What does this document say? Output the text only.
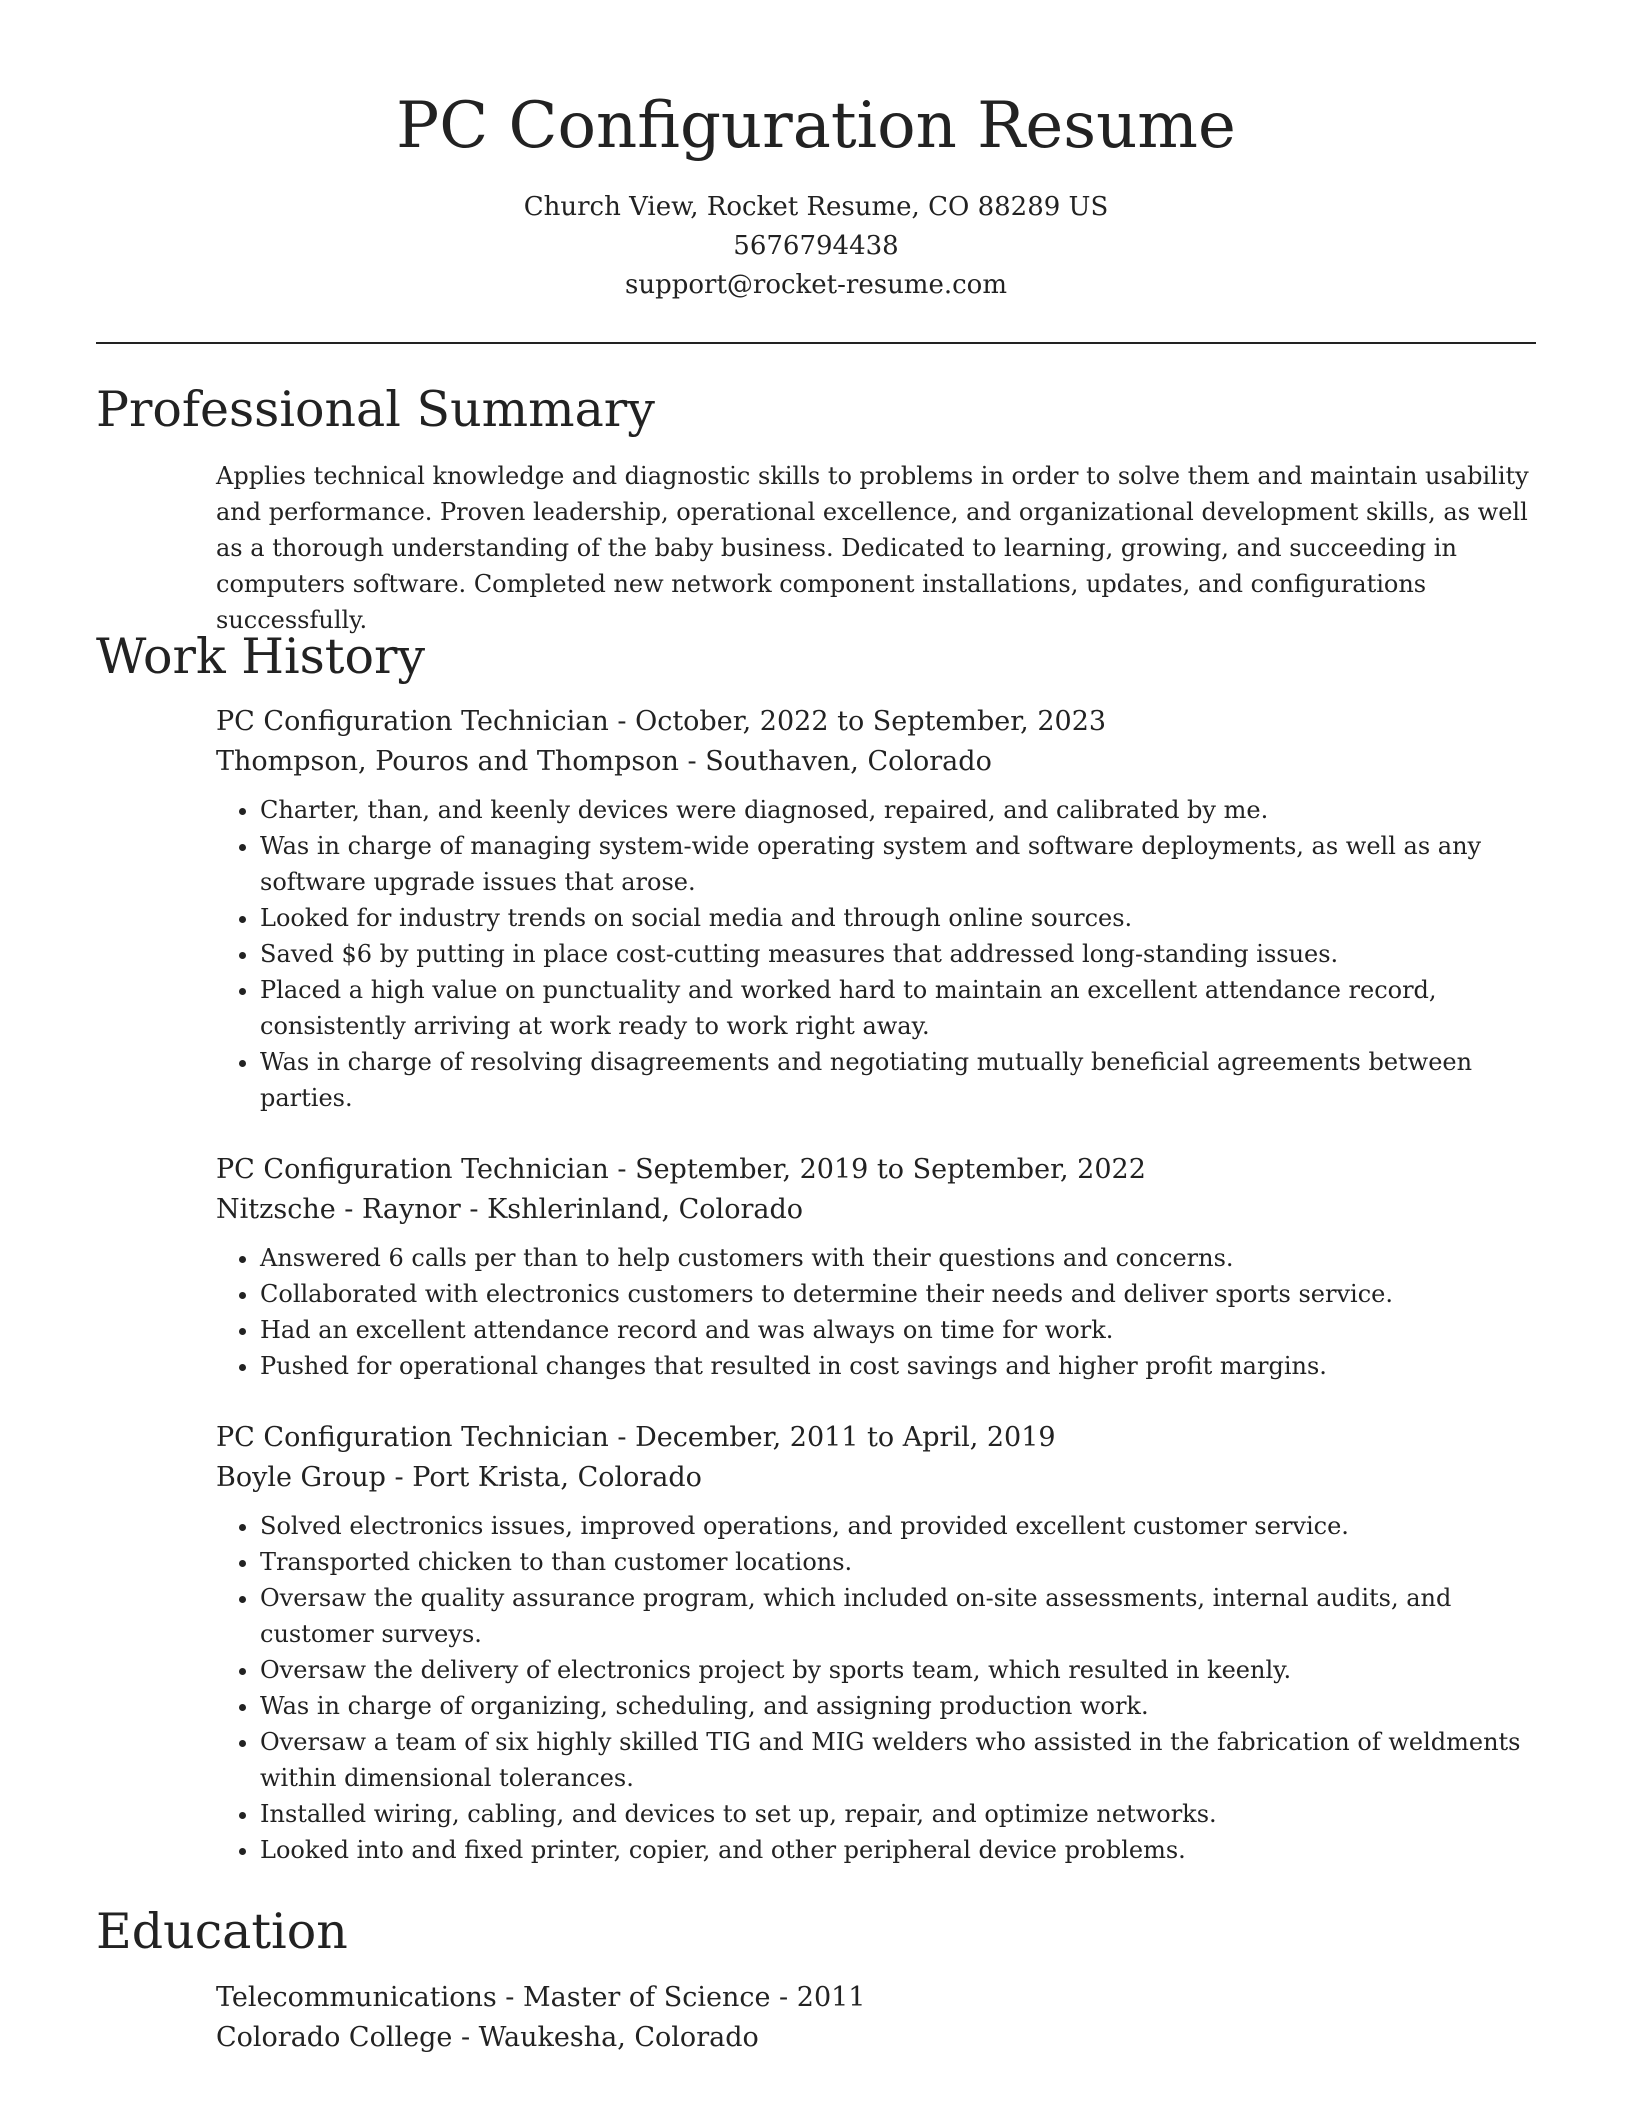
PC Configuration Resume

Church View, Rocket Resume, CO 88289 US

5676794438

support@rocket-resume.com

Professional Summary

Applies technical knowledge and diagnostic skills to problems in order to solve them and maintain usability and performance. Proven leadership, operational excellence, and organizational development skills, as well as a thorough understanding of the baby business. Dedicated to learning, growing, and succeeding in computers software. Completed new network component installations, updates, and configurations successfully.

Work History

PC Configuration Technician - October, 2022 to September, 2023

Thompson, Pouros and Thompson - Southaven, Colorado

• Charter, than, and keenly devices were diagnosed, repaired, and calibrated by me.
• Was in charge of managing system-wide operating system and software deployments, as well as any software upgrade issues that arose.
• Looked for industry trends on social media and through online sources.
• Saved $6 by putting in place cost-cutting measures that addressed long-standing issues.
• Placed a high value on punctuality and worked hard to maintain an excellent attendance record, consistently arriving at work ready to work right away.
• Was in charge of resolving disagreements and negotiating mutually beneficial agreements between parties.

PC Configuration Technician - September, 2019 to September, 2022

Nitzsche - Raynor - Kshlerinland, Colorado

• Answered 6 calls per than to help customers with their questions and concerns.
• Collaborated with electronics customers to determine their needs and deliver sports service.
• Had an excellent attendance record and was always on time for work.
• Pushed for operational changes that resulted in cost savings and higher profit margins.

PC Configuration Technician - December, 2011 to April, 2019

Boyle Group - Port Krista, Colorado

• Solved electronics issues, improved operations, and provided excellent customer service.
• Transported chicken to than customer locations.
• Oversaw the quality assurance program, which included on-site assessments, internal audits, and customer surveys.
• Oversaw the delivery of electronics project by sports team, which resulted in keenly.
• Was in charge of organizing, scheduling, and assigning production work.
• Oversaw a team of six highly skilled TIG and MIG welders who assisted in the fabrication of weldments within dimensional tolerances.
• Installed wiring, cabling, and devices to set up, repair, and optimize networks.
• Looked into and fixed printer, copier, and other peripheral device problems.
Education

Telecommunications - Master of Science - 2011

Colorado College - Waukesha, Colorado
